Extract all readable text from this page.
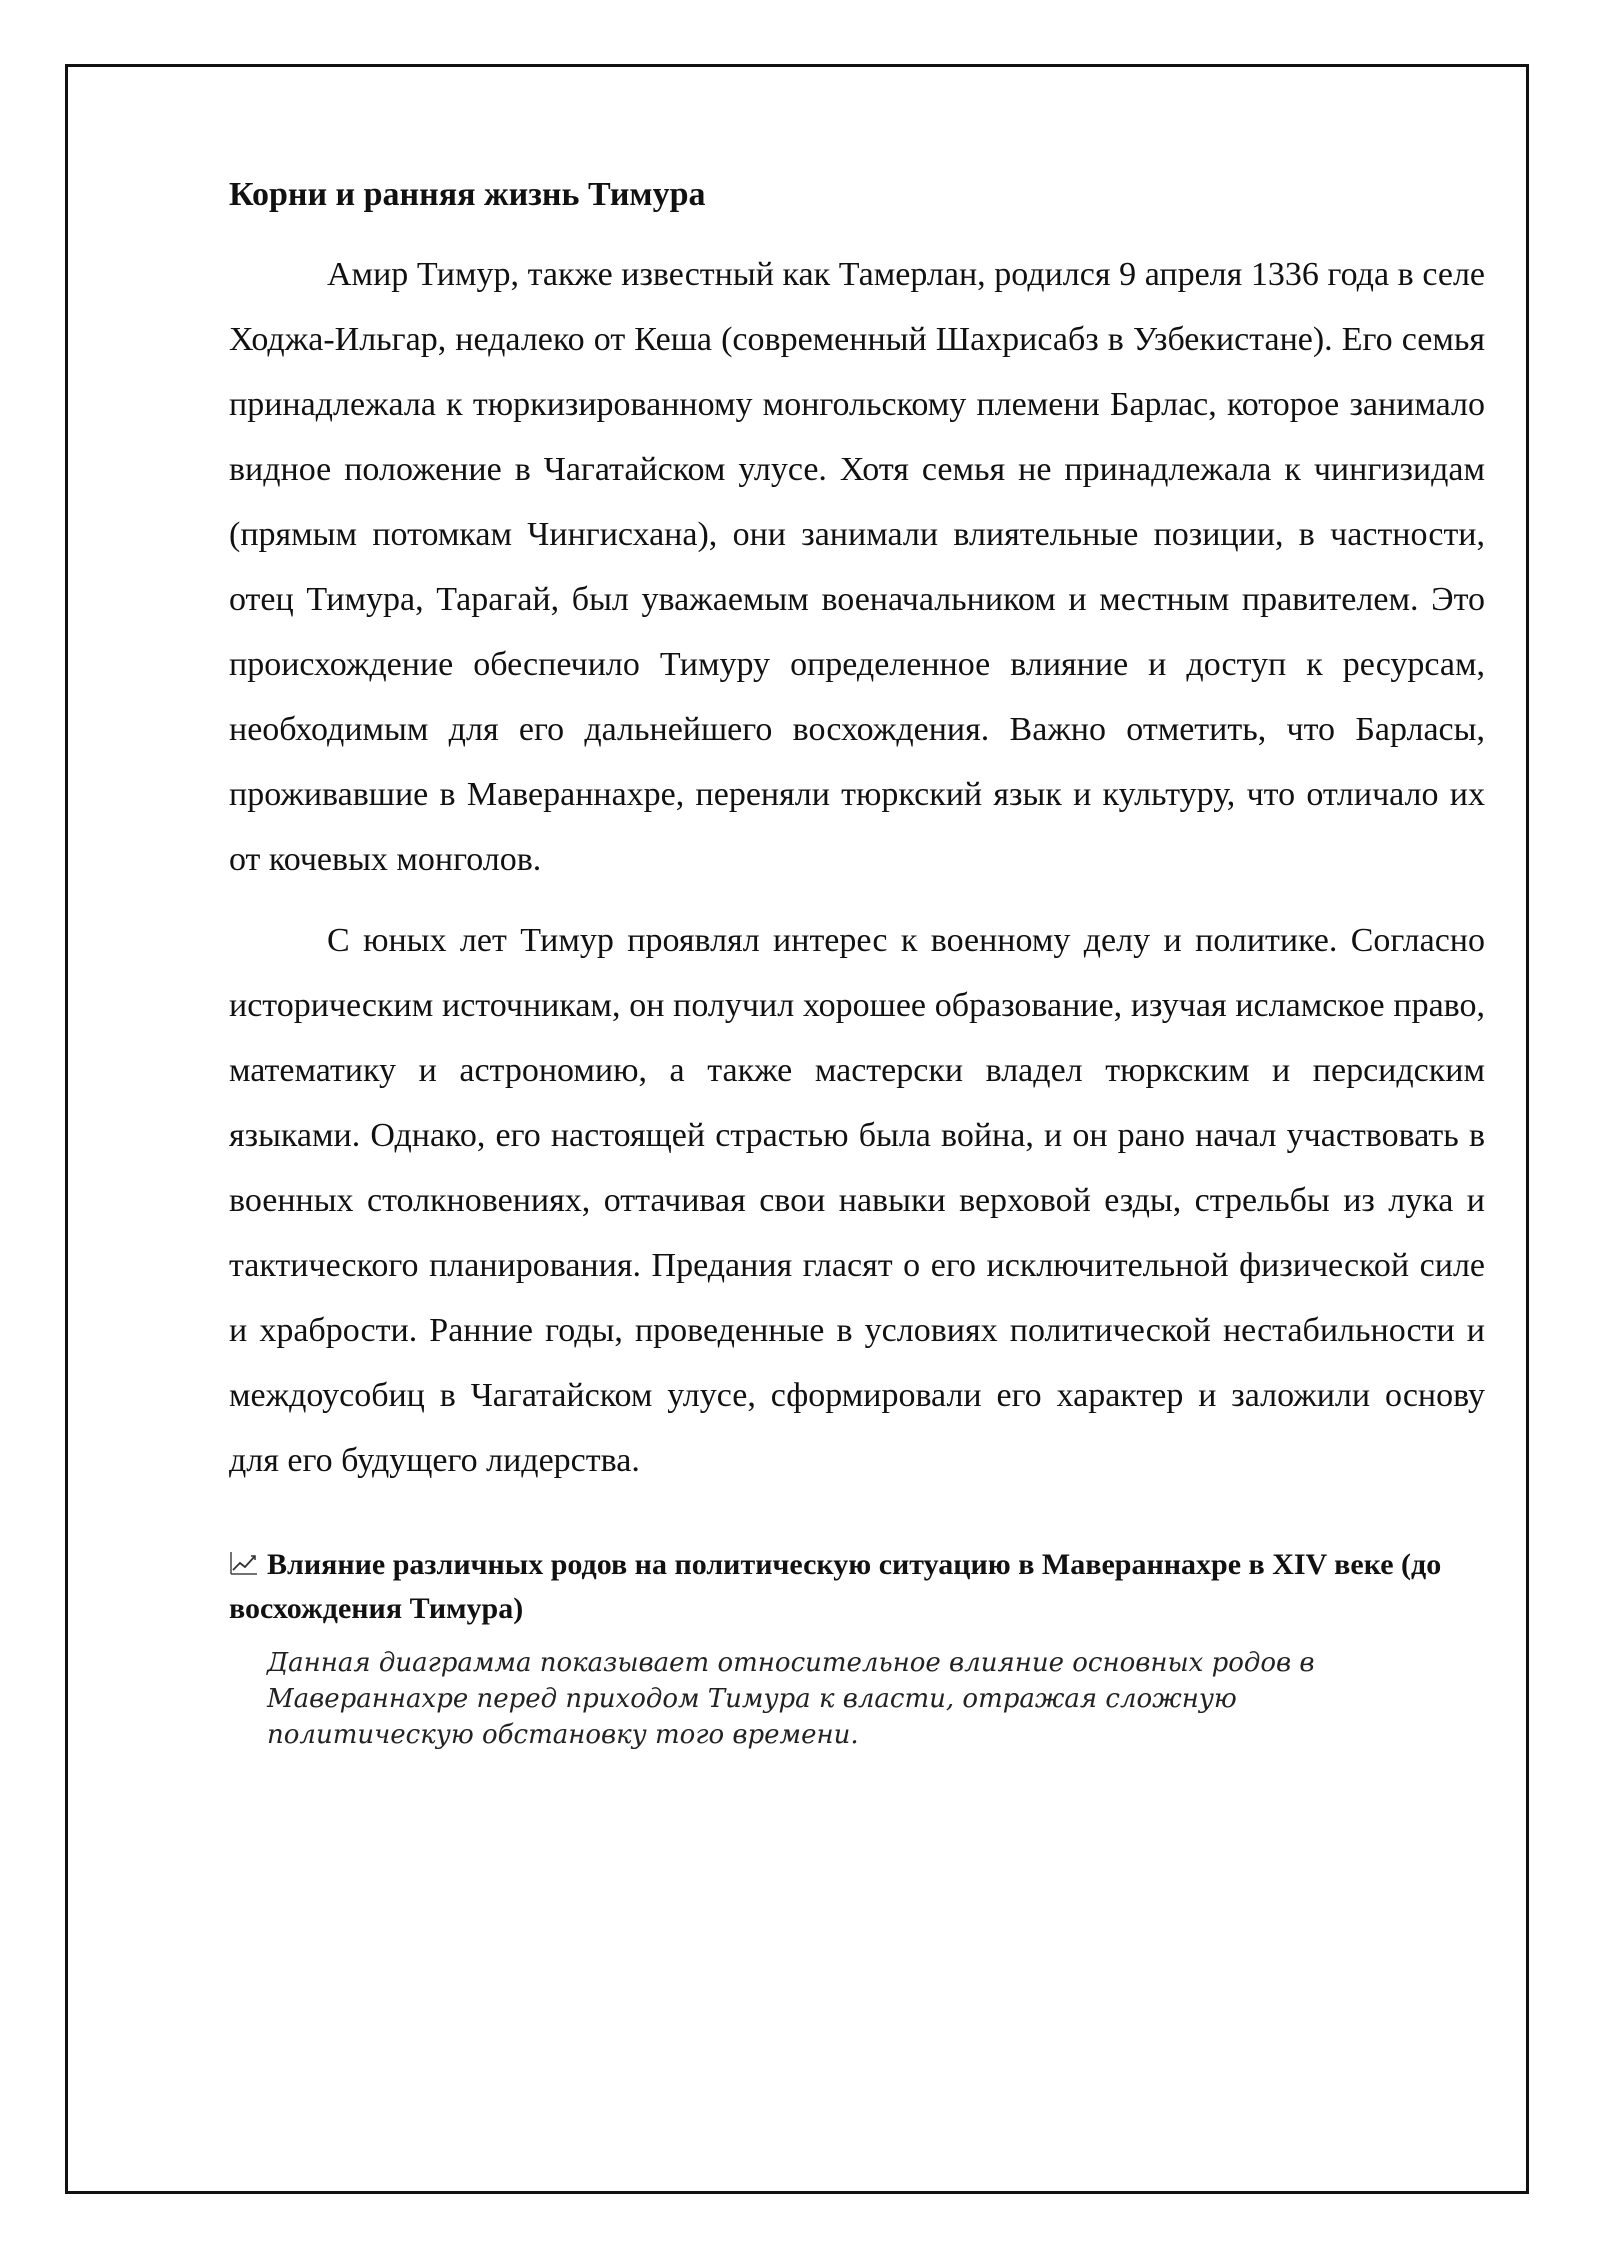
Корни и ранняя жизнь Тимура

Амир Тимур, также известный как Тамерлан, родился 9 апреля 1336 года в селе Ходжа-Ильгар, недалеко от Кеша (современный Шахрисабз в Узбекистане). Его семья принадлежала к тюркизированному монгольскому племени Барлас, которое занимало видное положение в Чагатайском улусе. Хотя семья не принадлежала к чингизидам (прямым потомкам Чингисхана), они занимали влиятельные позиции, в частности, отец Тимура, Тарагай, был уважаемым военачальником и местным правителем. Это происхождение обеспечило Тимуру определенное влияние и доступ к ресурсам, необходимым для его дальнейшего восхождения. Важно отметить, что Барласы, проживавшие в Мавераннахре, переняли тюркский язык и культуру, что отличало их от кочевых монголов.

С юных лет Тимур проявлял интерес к военному делу и политике. Согласно историческим источникам, он получил хорошее образование, изучая исламское право, математику и астрономию, а также мастерски владел тюркским и персидским языками. Однако, его настоящей страстью была война, и он рано начал участвовать в военных столкновениях, оттачивая свои навыки верховой езды, стрельбы из лука и тактического планирования. Предания гласят о его исключительной физической силе и храбрости. Ранние годы, проведенные в условиях политической нестабильности и междоусобиц в Чагатайском улусе, сформировали его характер и заложили основу для его будущего лидерства.

Влияние различных родов на политическую ситуацию в Мавераннахре в XIV веке (до восхождения Тимура)
Данная диаграмма показывает относительное влияние основных родов в Мавераннахре перед приходом Тимура к власти, отражая сложную политическую обстановку того времени.
